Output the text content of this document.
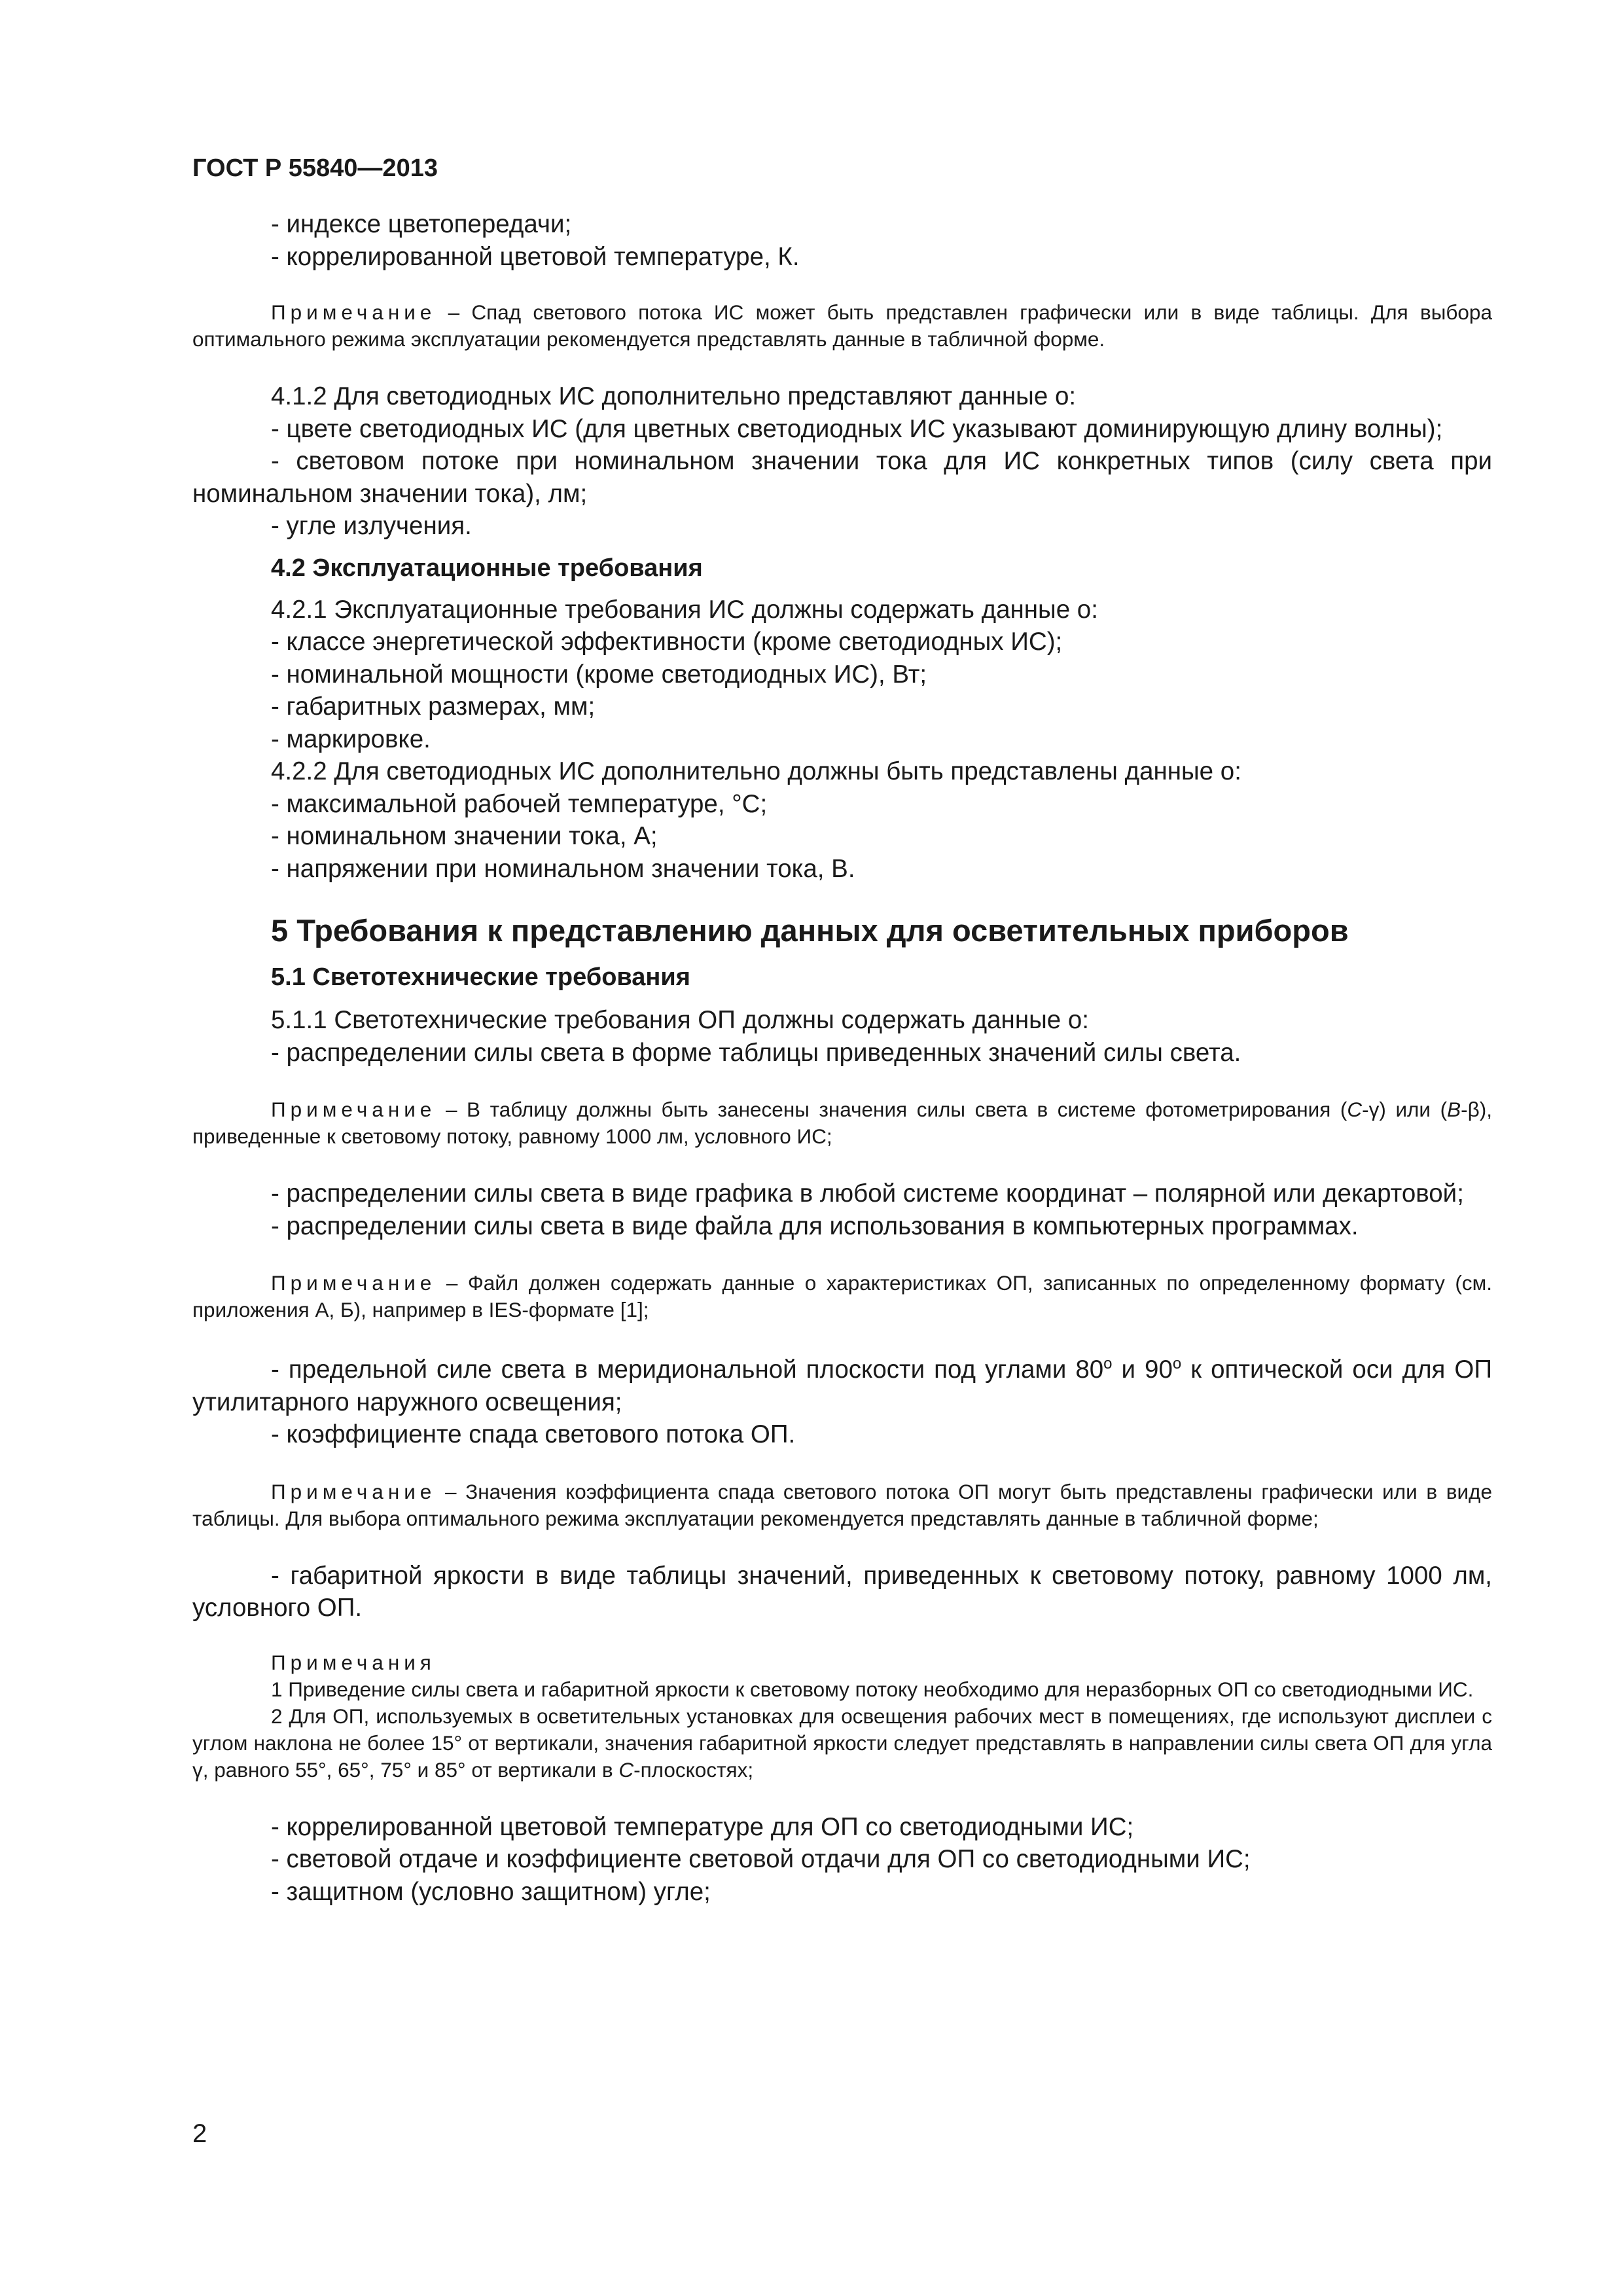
ГОСТ Р 55840—2013

- индексе цветопередачи;

- коррелированной цветовой температуре, К.

Примечание – Спад светового потока ИС может быть представлен графически или в виде таблицы. Для выбора оптимального режима эксплуатации рекомендуется представлять данные в табличной форме.

4.1.2 Для светодиодных ИС дополнительно представляют данные о:

- цвете светодиодных ИС (для цветных светодиодных ИС указывают доминирующую длину волны);

- световом потоке при номинальном значении тока для ИС конкретных типов (силу света при номинальном значении тока), лм;

- угле излучения.

4.2 Эксплуатационные требования

4.2.1 Эксплуатационные требования ИС должны содержать данные о:

- классе энергетической эффективности (кроме светодиодных ИС);

- номинальной мощности (кроме светодиодных ИС), Вт;

- габаритных размерах, мм;

- маркировке.

4.2.2 Для светодиодных ИС дополнительно должны быть представлены данные о:

- максимальной рабочей температуре, °С;

- номинальном значении тока, А;

- напряжении при номинальном значении тока, В.

5 Требования к представлению данных для осветительных приборов

5.1 Светотехнические требования

5.1.1 Светотехнические требования ОП должны содержать данные о:

- распределении силы света в форме таблицы приведенных значений силы света.

Примечание – В таблицу должны быть занесены значения силы света в системе фотометрирования (С-γ) или (В-β), приведенные к световому потоку, равному 1000 лм, условного ИС;

- распределении силы света в виде графика в любой системе координат – полярной или декартовой;

- распределении силы света в виде файла для использования в компьютерных программах.

Примечание – Файл должен содержать данные о характеристиках ОП, записанных по определенному формату (см. приложения А, Б), например в IES-формате [1];

- предельной силе света в меридиональной плоскости под углами $80^о$ и $90^о$ к оптической оси для ОП утилитарного наружного освещения;

- коэффициенте спада светового потока ОП.

Примечание – Значения коэффициента спада светового потока ОП могут быть представлены графически или в виде таблицы. Для выбора оптимального режима эксплуатации рекомендуется представлять данные в табличной форме;

- габаритной яркости в виде таблицы значений, приведенных к световому потоку, равному 1000 лм, условного ОП.

Примечания

1 Приведение силы света и габаритной яркости к световому потоку необходимо для неразборных ОП со светодиодными ИС.

2 Для ОП, используемых в осветительных установках для освещения рабочих мест в помещениях, где используют дисплеи с углом наклона не более 15° от вертикали, значения габаритной яркости следует представлять в направлении силы света ОП для угла γ, равного 55°, 65°, 75° и 85° от вертикали в С-плоскостях;

- коррелированной цветовой температуре для ОП со светодиодными ИС;

- световой отдаче и коэффициенте световой отдачи для ОП со светодиодными ИС;

- защитном (условно защитном) угле;

2
